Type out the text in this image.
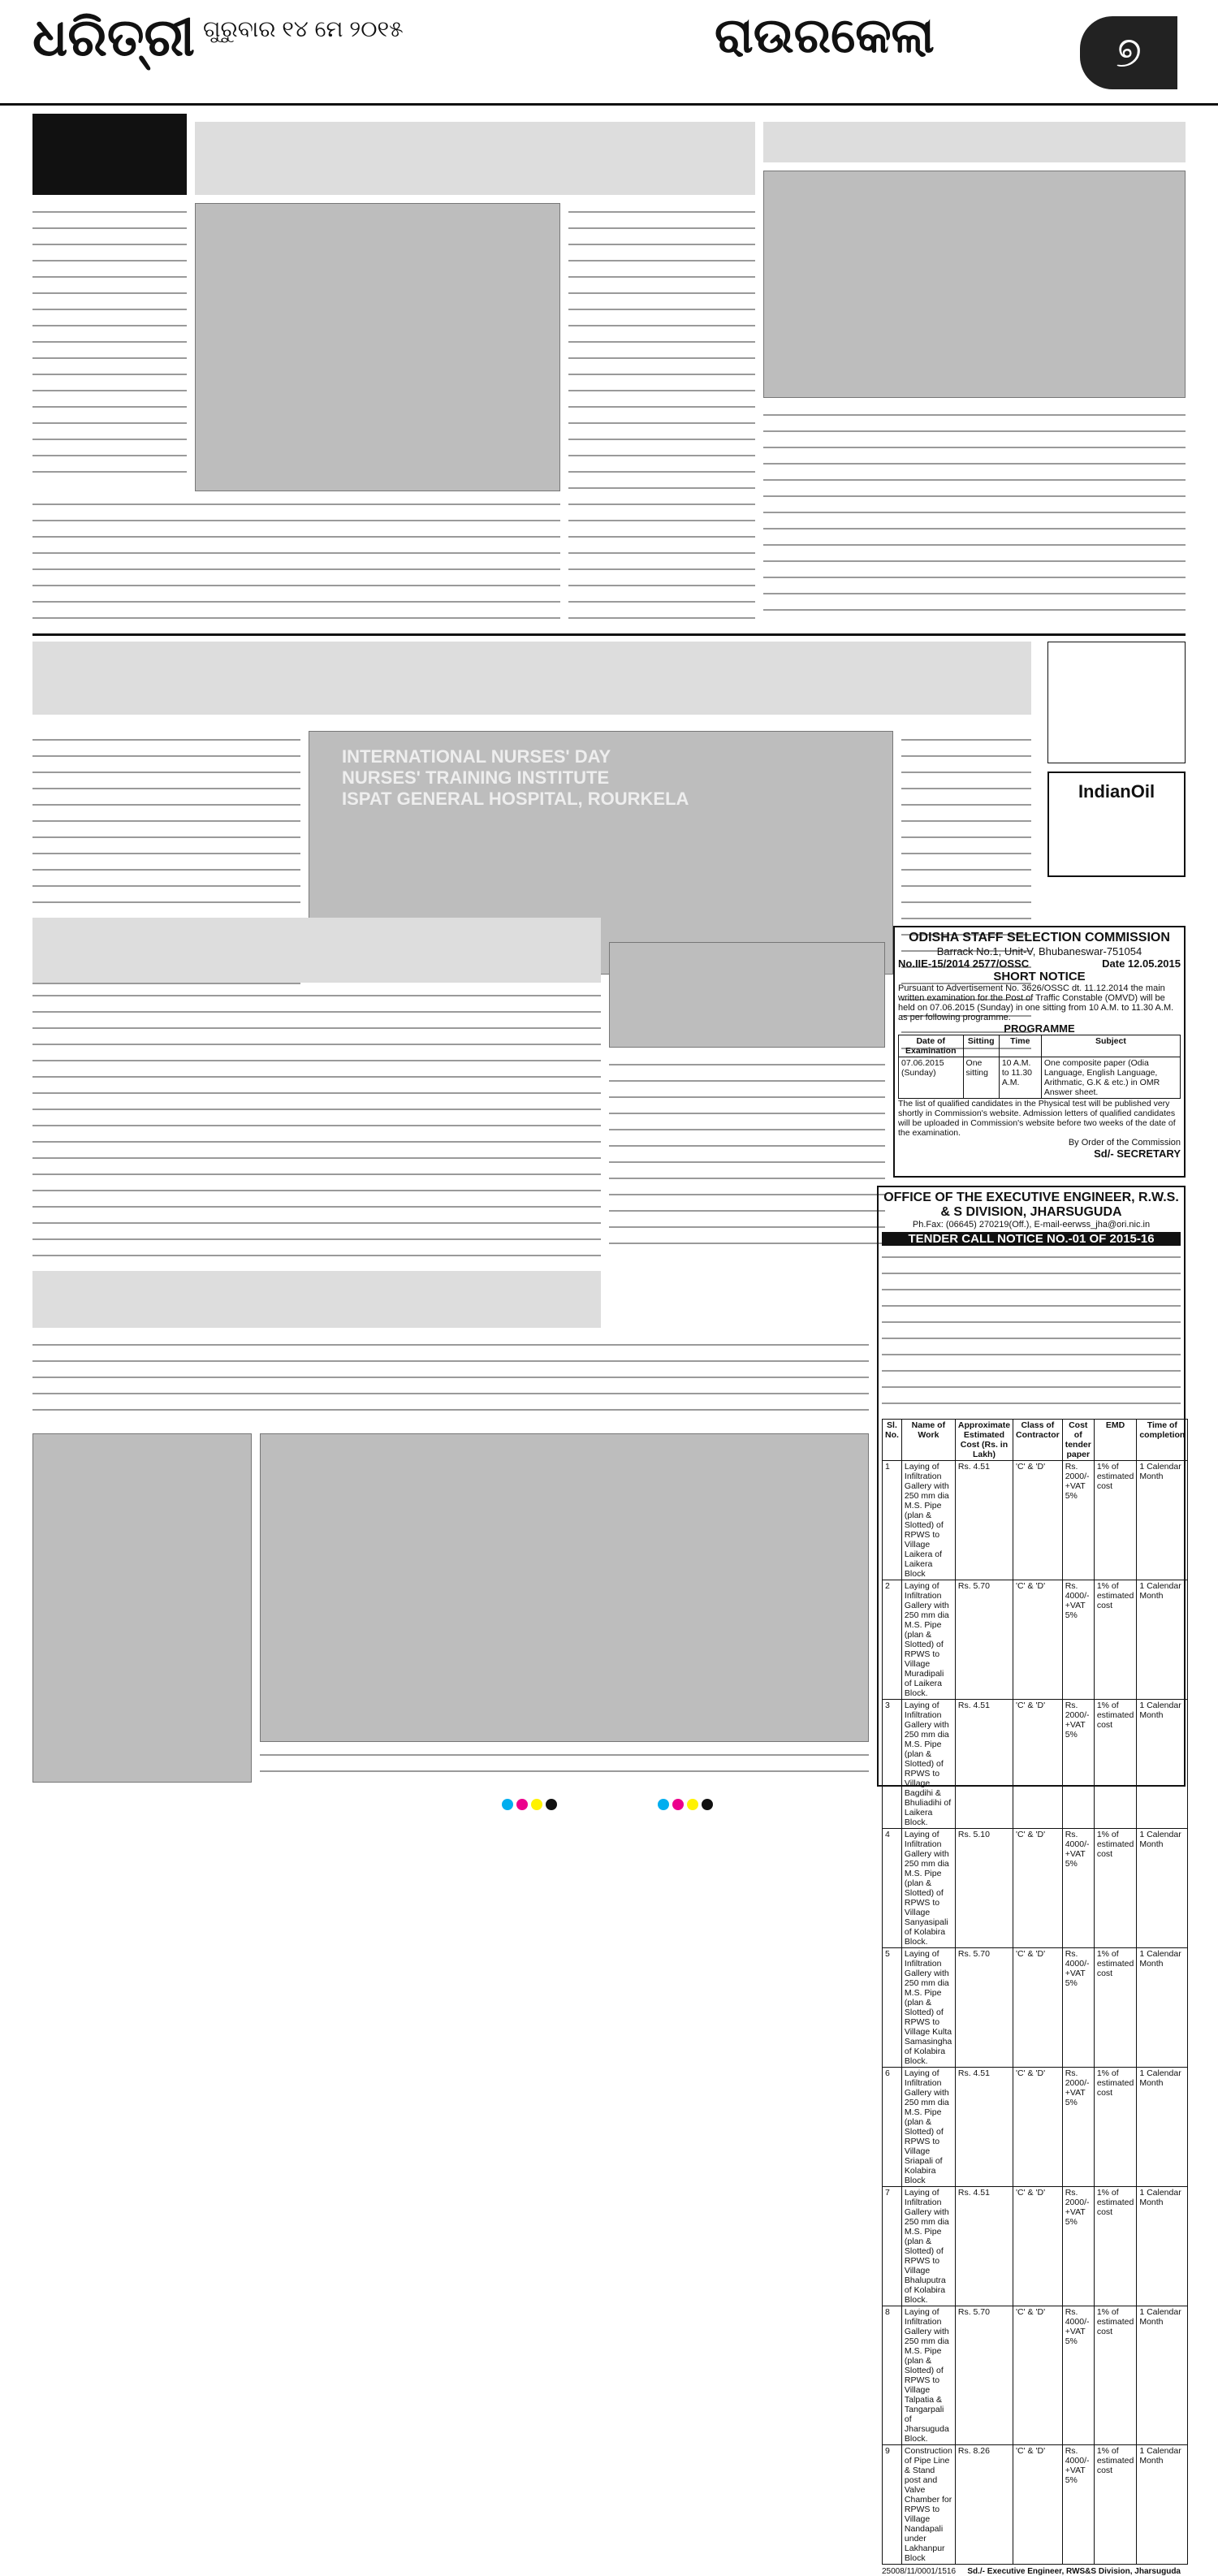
ଧରିତ୍ରୀ ଗୁରୁବାର ୧୪ ମେ ୨୦୧୫	ରାଉରକେଲା	୭
INTERNATIONAL NURSES' DAY
NURSES' TRAINING INSTITUTE
ISPAT GENERAL HOSPITAL, ROURKELA	IndianOil
ODISHA STAFF SELECTION COMMISSION
Barrack No.1, Unit-V, Bhubaneswar-751054
No.IIE-15/2014 2577/OSSC	Date 12.05.2015
SHORT NOTICE
Pursuant to Advertisement No. 3626/OSSC dt. 11.12.2014 the main written examination for the Post of Traffic Constable (OMVD) will be held on 07.06.2015 (Sunday) in one sitting from 10 A.M. to 11.30 A.M. as per following programme.
PROGRAMME
Date of Examination	Sitting	Time	Subject
07.06.2015 (Sunday)	One sitting	10 A.M. to 11.30 A.M.	One composite paper (Odia Language, English Language, Arithmatic, G.K & etc.) in OMR Answer sheet.
The list of qualified candidates in the Physical test will be published very shortly in Commission's website. Admission letters of qualified candidates will be uploaded in Commission's website before two weeks of the date of the examination.
By Order of the Commission
Sd/- SECRETARY
OFFICE OF THE EXECUTIVE ENGINEER, R.W.S. & S DIVISION, JHARSUGUDA
Ph.Fax: (06645) 270219(Off.), E-mail-eerwss_jha@ori.nic.in
TENDER CALL NOTICE NO.-01 OF 2015-16
Sl. No.	Name of Work	Approximate Estimated Cost (Rs. in Lakh)	Class of Contractor	Cost of tender paper	EMD	Time of completion
1	Laying of Infiltration Gallery with 250 mm dia M.S. Pipe (plan & Slotted) of RPWS to Village Laikera of Laikera Block	Rs. 4.51	'C' & 'D'	Rs. 2000/- +VAT 5%	1% of estimated cost	1 Calendar Month
2	Laying of Infiltration Gallery with 250 mm dia M.S. Pipe (plan & Slotted) of RPWS to Village Muradipali of Laikera Block.	Rs. 5.70	'C' & 'D'	Rs. 4000/- +VAT 5%	1% of estimated cost	1 Calendar Month
3	Laying of Infiltration Gallery with 250 mm dia M.S. Pipe (plan & Slotted) of RPWS to Village Bagdihi & Bhuliadihi of Laikera Block.	Rs. 4.51	'C' & 'D'	Rs. 2000/- +VAT 5%	1% of estimated cost	1 Calendar Month
4	Laying of Infiltration Gallery with 250 mm dia M.S. Pipe (plan & Slotted) of RPWS to Village Sanyasipali of Kolabira Block.	Rs. 5.10	'C' & 'D'	Rs. 4000/- +VAT 5%	1% of estimated cost	1 Calendar Month
5	Laying of Infiltration Gallery with 250 mm dia M.S. Pipe (plan & Slotted) of RPWS to Village Kulta Samasingha of Kolabira Block.	Rs. 5.70	'C' & 'D'	Rs. 4000/- +VAT 5%	1% of estimated cost	1 Calendar Month
6	Laying of Infiltration Gallery with 250 mm dia M.S. Pipe (plan & Slotted) of RPWS to Village Sriapali of Kolabira Block	Rs. 4.51	'C' & 'D'	Rs. 2000/- +VAT 5%	1% of estimated cost	1 Calendar Month
7	Laying of Infiltration Gallery with 250 mm dia M.S. Pipe (plan & Slotted) of RPWS to Village Bhaluputra of Kolabira Block.	Rs. 4.51	'C' & 'D'	Rs. 2000/- +VAT 5%	1% of estimated cost	1 Calendar Month
8	Laying of Infiltration Gallery with 250 mm dia M.S. Pipe (plan & Slotted) of RPWS to Village Talpatia & Tangarpali of Jharsuguda Block.	Rs. 5.70	'C' & 'D'	Rs. 4000/- +VAT 5%	1% of estimated cost	1 Calendar Month
9	Construction of Pipe Line & Stand post and Valve Chamber for RPWS to Village Nandapali under Lakhanpur Block	Rs. 8.26	'C' & 'D'	Rs. 4000/- +VAT 5%	1% of estimated cost	1 Calendar Month
25008/11/0001/1516 Sd./- Executive Engineer, RWS&S Division, Jharsuguda
